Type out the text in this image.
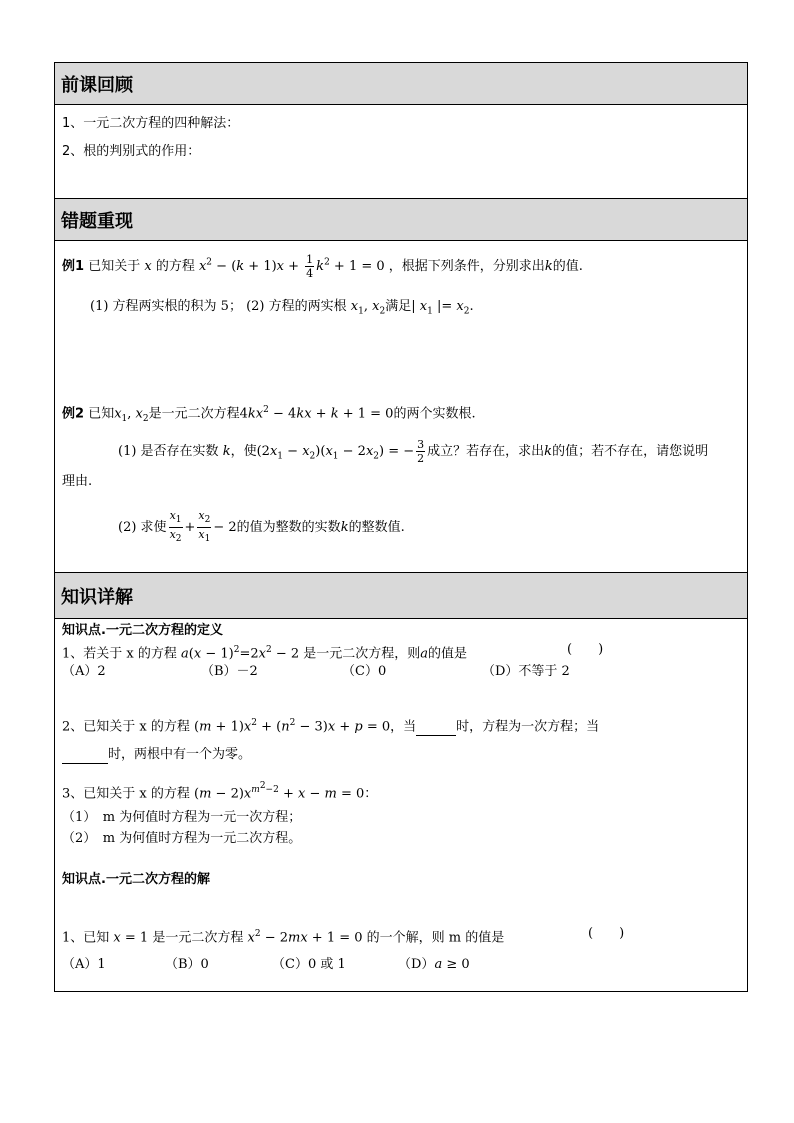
前课回顾
1、一元二次方程的四种解法：
2、根的判别式的作用：
错题重现
例1 已知关于 x 的方程 $x^2 - (k + 1)x + \frac{1}{4} k^2 + 1 = 0$ ，根据下列条件，分别求出k的值.
(1) 方程两实根的积为 5； (2) 方程的两实根 $x_1$, $x_2$满足| $x_1$ |= $x_2$.
例2 已知$x_1$, $x_2$是一元二次方程$4kx^2 - 4kx + k + 1 = 0$的两个实数根.
(1) 是否存在实数 k，使$(2x_1 - x_2)(x_1 - 2x_2)$ = − $\frac{3}{2}$ 成立？若存在，求出k的值；若不存在，请您说明
理由.
(2) 求使 $\frac{x_1}{x_2} + \frac{x_2}{x_1} - 2$的值为整数的实数k的整数值.
知识详解
知识点.一元二次方程的定义
1、若关于 x 的方程 $a(x - 1)^2=2x^2 - 2$ 是一元二次方程，则a的值是	(　　)
（A）2	（B）－2	（C）0	（D）不等于 2
2、已知关于 x 的方程 $(m + 1)x^2 + (n^2 - 3)x + p = 0$，当	时，方程为一次方程；当
时，两根中有一个为零。
3、已知关于 x 的方程 $(m - 2)x^{m^2-2} + x - m = 0$：
（1）　m 为何值时方程为一元一次方程；
（2）　m 为何值时方程为一元二次方程。
知识点.一元二次方程的解
1、已知 x = 1 是一元二次方程 $x^2 - 2mx + 1 = 0$ 的一个解，则 m 的值是	(　　)
（A）1	（B）0	（C）0 或 1	（D）a ≥ 0
